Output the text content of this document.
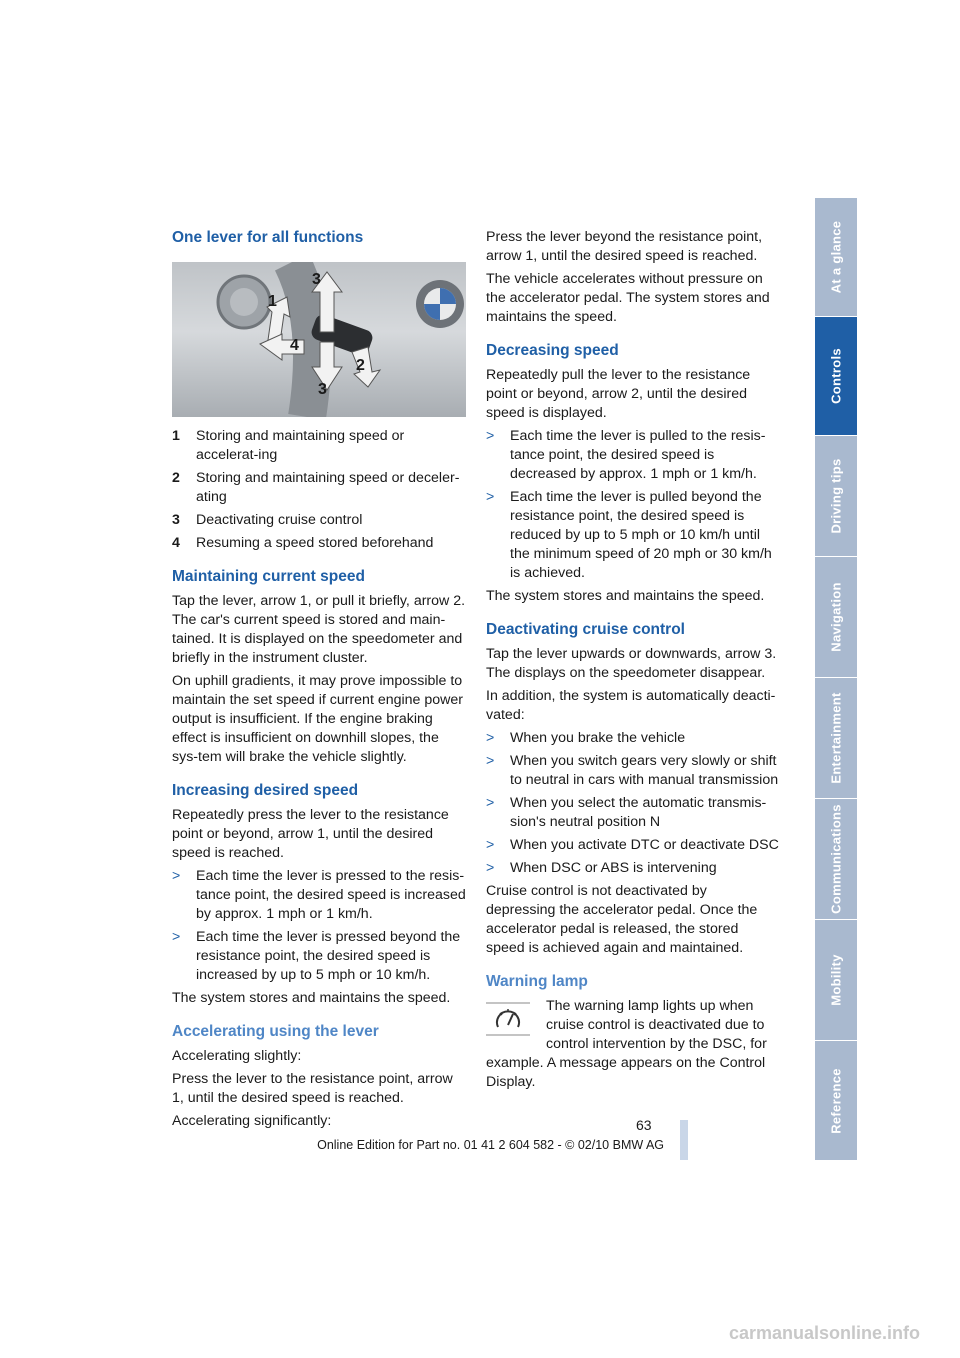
One lever for all functions
1
2
3
3
4
1	Storing and maintaining speed or accelerat-ing
2	Storing and maintaining speed or deceler-ating
3	Deactivating cruise control
4	Resuming a speed stored beforehand
Maintaining current speed

Tap the lever, arrow 1, or pull it briefly, arrow 2. The car's current speed is stored and main-tained. It is displayed on the speedometer and briefly in the instrument cluster.

On uphill gradients, it may prove impossible to maintain the set speed if current engine power output is insufficient. If the engine braking effect is insufficient on downhill slopes, the sys-tem will brake the vehicle slightly.

Increasing desired speed

Repeatedly press the lever to the resistance point or beyond, arrow 1, until the desired speed is reached.

>	Each time the lever is pressed to the resis-tance point, the desired speed is increased by approx. 1 mph or 1 km/h.
>	Each time the lever is pressed beyond the resistance point, the desired speed is increased by up to 5 mph or 10 km/h.

The system stores and maintains the speed.

Accelerating using the lever

Accelerating slightly:

Press the lever to the resistance point, arrow 1, until the desired speed is reached.

Accelerating significantly:

Press the lever beyond the resistance point, arrow 1, until the desired speed is reached.

The vehicle accelerates without pressure on the accelerator pedal. The system stores and maintains the speed.

Decreasing speed

Repeatedly pull the lever to the resistance point or beyond, arrow 2, until the desired speed is displayed.

>	Each time the lever is pulled to the resis-tance point, the desired speed is decreased by approx. 1 mph or 1 km/h.
>	Each time the lever is pulled beyond the resistance point, the desired speed is reduced by up to 5 mph or 10 km/h until the minimum speed of 20 mph or 30 km/h is achieved.

The system stores and maintains the speed.

Deactivating cruise control

Tap the lever upwards or downwards, arrow 3. The displays on the speedometer disappear.

In addition, the system is automatically deacti-vated:

>	When you brake the vehicle
>	When you switch gears very slowly or shift to neutral in cars with manual transmission
>	When you select the automatic transmis-sion's neutral position N
>	When you activate DTC or deactivate DSC
>	When DSC or ABS is intervening

Cruise control is not deactivated by depressing the accelerator pedal. Once the accelerator pedal is released, the stored speed is achieved again and maintained.

Warning lamp

The warning lamp lights up when cruise control is deactivated due to control intervention by the DSC, for example. A message appears on the Control Display.

At a glance
Controls
Driving tips
Navigation
Entertainment
Communications
Mobility
Reference
63
Online Edition for Part no. 01 41 2 604 582 - © 02/10 BMW AG
carmanualsonline.info
